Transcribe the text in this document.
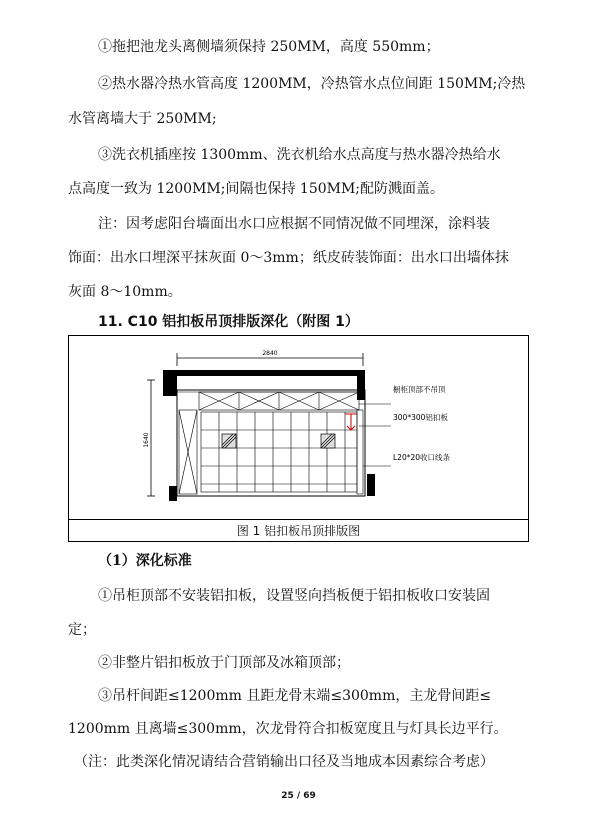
①拖把池龙头离侧墙须保持 250MM，高度 550mm；
②热水器冷热水管高度 1200MM，冷热管水点位间距 150MM;冷热
水管离墙大于 250MM;
③洗衣机插座按 1300mm、洗衣机给水点高度与热水器冷热给水
点高度一致为 1200MM;间隔也保持 150MM;配防溅面盖。
注：因考虑阳台墙面出水口应根据不同情况做不同埋深，涂料装
饰面：出水口埋深平抹灰面 0～3mm；纸皮砖装饰面：出水口出墙体抹
灰面 8～10mm。
11. C10 铝扣板吊顶排版深化（附图 1）
2840
1640
橱柜顶部不吊顶
300*300铝扣板
L20*20收口线条
图 1 铝扣板吊顶排版图
（1）深化标准
①吊柜顶部不安装铝扣板，设置竖向挡板便于铝扣板收口安装固
定；
②非整片铝扣板放于门顶部及冰箱顶部；
③吊杆间距≤1200mm 且距龙骨末端≤300mm，主龙骨间距≤
1200mm 且离墙≤300mm，次龙骨符合扣板宽度且与灯具长边平行。
（注：此类深化情况请结合营销输出口径及当地成本因素综合考虑）
25 / 69
